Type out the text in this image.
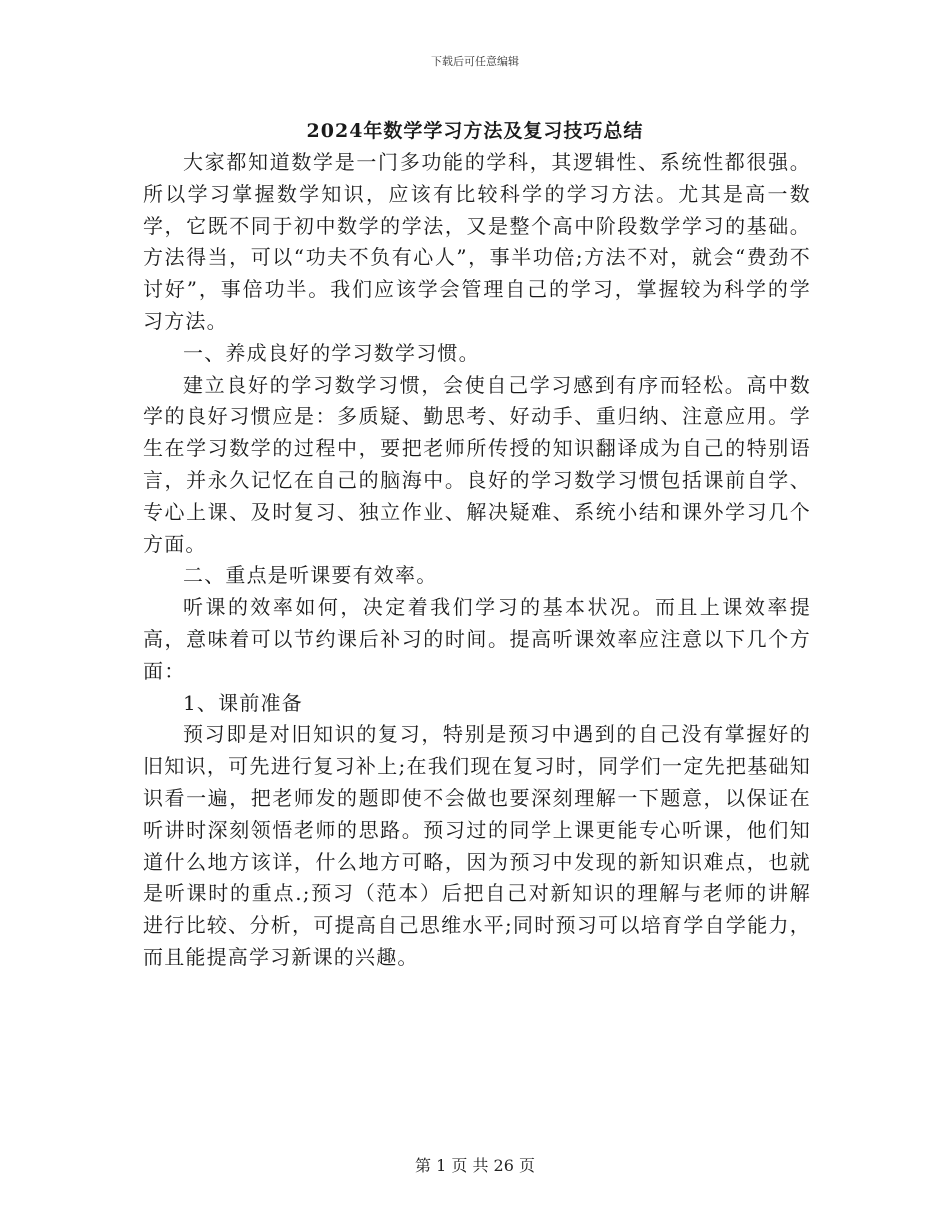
下载后可任意编辑
2024年数学学习方法及复习技巧总结

大家都知道数学是一门多功能的学科，其逻辑性、系统性都很强。所以学习掌握数学知识，应该有比较科学的学习方法。尤其是高一数学，它既不同于初中数学的学法，又是整个高中阶段数学学习的基础。方法得当，可以“功夫不负有心人”，事半功倍;方法不对，就会“费劲不讨好”，事倍功半。我们应该学会管理自己的学习，掌握较为科学的学习方法。

一、养成良好的学习数学习惯。

建立良好的学习数学习惯，会使自己学习感到有序而轻松。高中数学的良好习惯应是：多质疑、勤思考、好动手、重归纳、注意应用。学生在学习数学的过程中，要把老师所传授的知识翻译成为自己的特别语言，并永久记忆在自己的脑海中。良好的学习数学习惯包括课前自学、专心上课、及时复习、独立作业、解决疑难、系统小结和课外学习几个方面。

二、重点是听课要有效率。

听课的效率如何，决定着我们学习的基本状况。而且上课效率提高，意味着可以节约课后补习的时间。提高听课效率应注意以下几个方面：

1、课前准备

预习即是对旧知识的复习，特别是预习中遇到的自己没有掌握好的旧知识，可先进行复习补上;在我们现在复习时，同学们一定先把基础知识看一遍，把老师发的题即使不会做也要深刻理解一下题意，以保证在听讲时深刻领悟老师的思路。预习过的同学上课更能专心听课，他们知道什么地方该详，什么地方可略，因为预习中发现的新知识难点，也就是听课时的重点.;预习（范本）后把自己对新知识的理解与老师的讲解进行比较、分析，可提高自己思维水平;同时预习可以培育学自学能力，而且能提高学习新课的兴趣。

第 1 页 共 26 页
